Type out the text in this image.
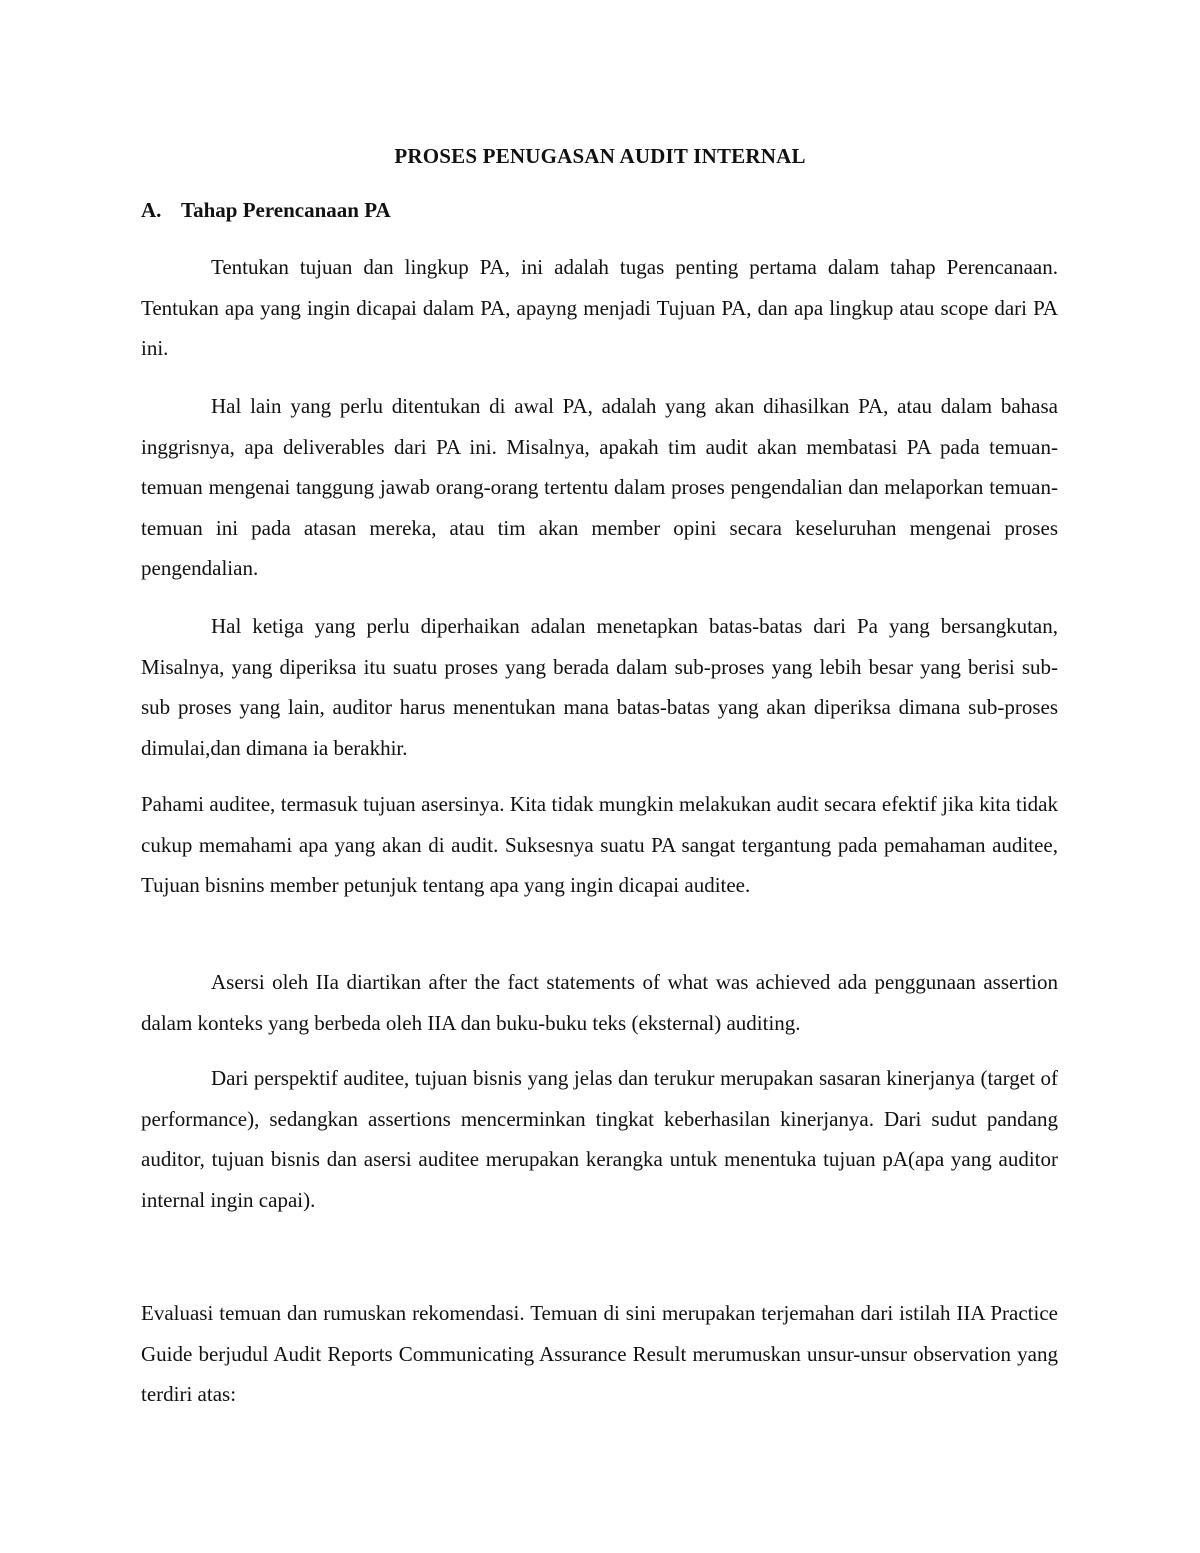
PROSES PENUGASAN AUDIT INTERNAL
A. Tahap Perencanaan PA

Tentukan tujuan dan lingkup PA, ini adalah tugas penting pertama dalam tahap Perencanaan. Tentukan apa yang ingin dicapai dalam PA, apayng menjadi Tujuan PA, dan apa lingkup atau scope dari PA ini.

Hal lain yang perlu ditentukan di awal PA, adalah yang akan dihasilkan PA, atau dalam bahasa inggrisnya, apa deliverables dari PA ini. Misalnya, apakah tim audit akan membatasi PA pada temuan-temuan mengenai tanggung jawab orang-orang tertentu dalam proses pengendalian dan melaporkan temuan-temuan ini pada atasan mereka, atau tim akan member opini secara keseluruhan mengenai proses pengendalian.

Hal ketiga yang perlu diperhaikan adalan menetapkan batas-batas dari Pa yang bersangkutan, Misalnya, yang diperiksa itu suatu proses yang berada dalam sub-proses yang lebih besar yang berisi sub-sub proses yang lain, auditor harus menentukan mana batas-batas yang akan diperiksa dimana sub-proses dimulai,dan dimana ia berakhir.

Pahami auditee, termasuk tujuan asersinya. Kita tidak mungkin melakukan audit secara efektif jika kita tidak cukup memahami apa yang akan di audit. Suksesnya suatu PA sangat tergantung pada pemahaman auditee, Tujuan bisnins member petunjuk tentang apa yang ingin dicapai auditee.

Asersi oleh IIa diartikan after the fact statements of what was achieved ada penggunaan assertion dalam konteks yang berbeda oleh IIA dan buku-buku teks (eksternal) auditing.

Dari perspektif auditee, tujuan bisnis yang jelas dan terukur merupakan sasaran kinerjanya (target of performance), sedangkan assertions mencerminkan tingkat keberhasilan kinerjanya. Dari sudut pandang auditor, tujuan bisnis dan asersi auditee merupakan kerangka untuk menentuka tujuan pA(apa yang auditor internal ingin capai).

Evaluasi temuan dan rumuskan rekomendasi. Temuan di sini merupakan terjemahan dari istilah IIA Practice Guide berjudul Audit Reports Communicating Assurance Result merumuskan unsur-unsur observation yang terdiri atas:
